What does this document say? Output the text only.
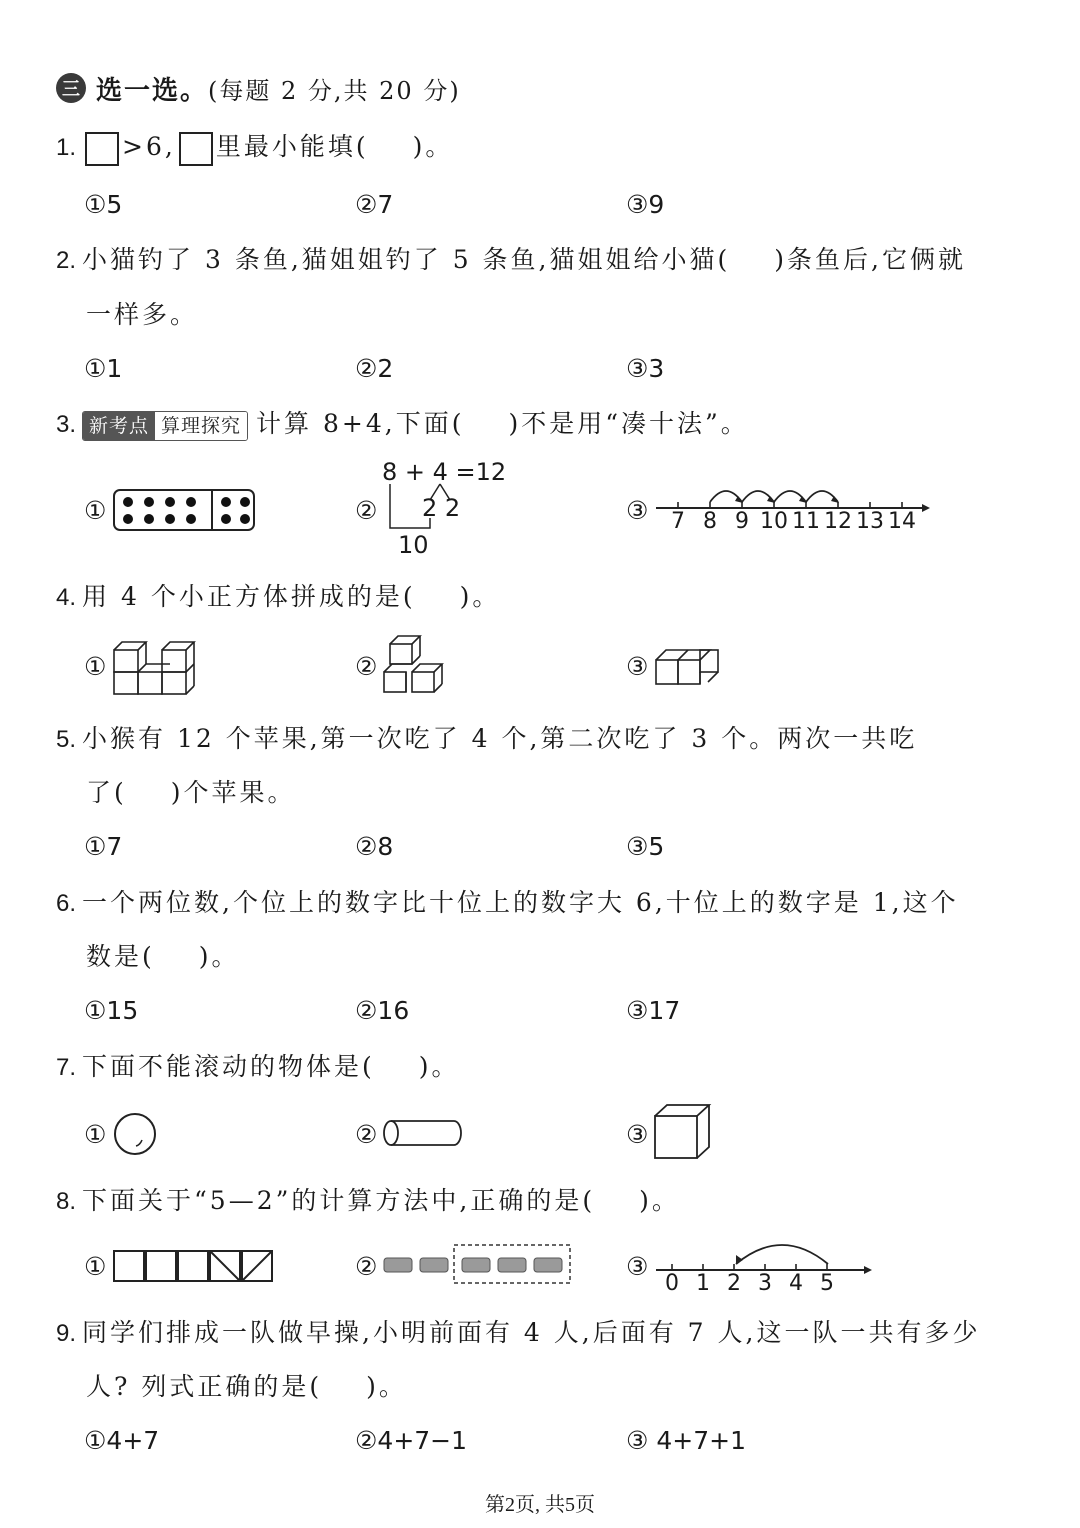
三 选一选。 (每题 2 分,共 20 分)
1. >6, 里最小能填( )。
①5	②7	③9
2. 小猫钓了 3 条鱼,猫姐姐钓了 5 条鱼,猫姐姐给小猫( )条鱼后,它俩就
一样多。
①1	②2	③3
3. 新考点 算理探究 计算 8+4,下面( )不是用“凑十法”。
①	②
8 + 4 =12
2 2
10
③ 7 8 9 10 11 12 13 14
4. 用 4 个小正方体拼成的是( )。
①	②	③
5. 小猴有 12 个苹果,第一次吃了 4 个,第二次吃了 3 个。两次一共吃
了( )个苹果。
①7	②8	③5
6. 一个两位数,个位上的数字比十位上的数字大 6,十位上的数字是 1,这个
数是( )。
①15	②16	③17
7. 下面不能滚动的物体是( )。
①	②	③
8. 下面关于“5—2”的计算方法中,正确的是( )。
①	②	③
0 1 2 3 4 5
9. 同学们排成一队做早操,小明前面有 4 人,后面有 7 人,这一队一共有多少
人? 列式正确的是( )。
①4+7	②4+7−1	③ 4+7+1
第2页, 共5页
